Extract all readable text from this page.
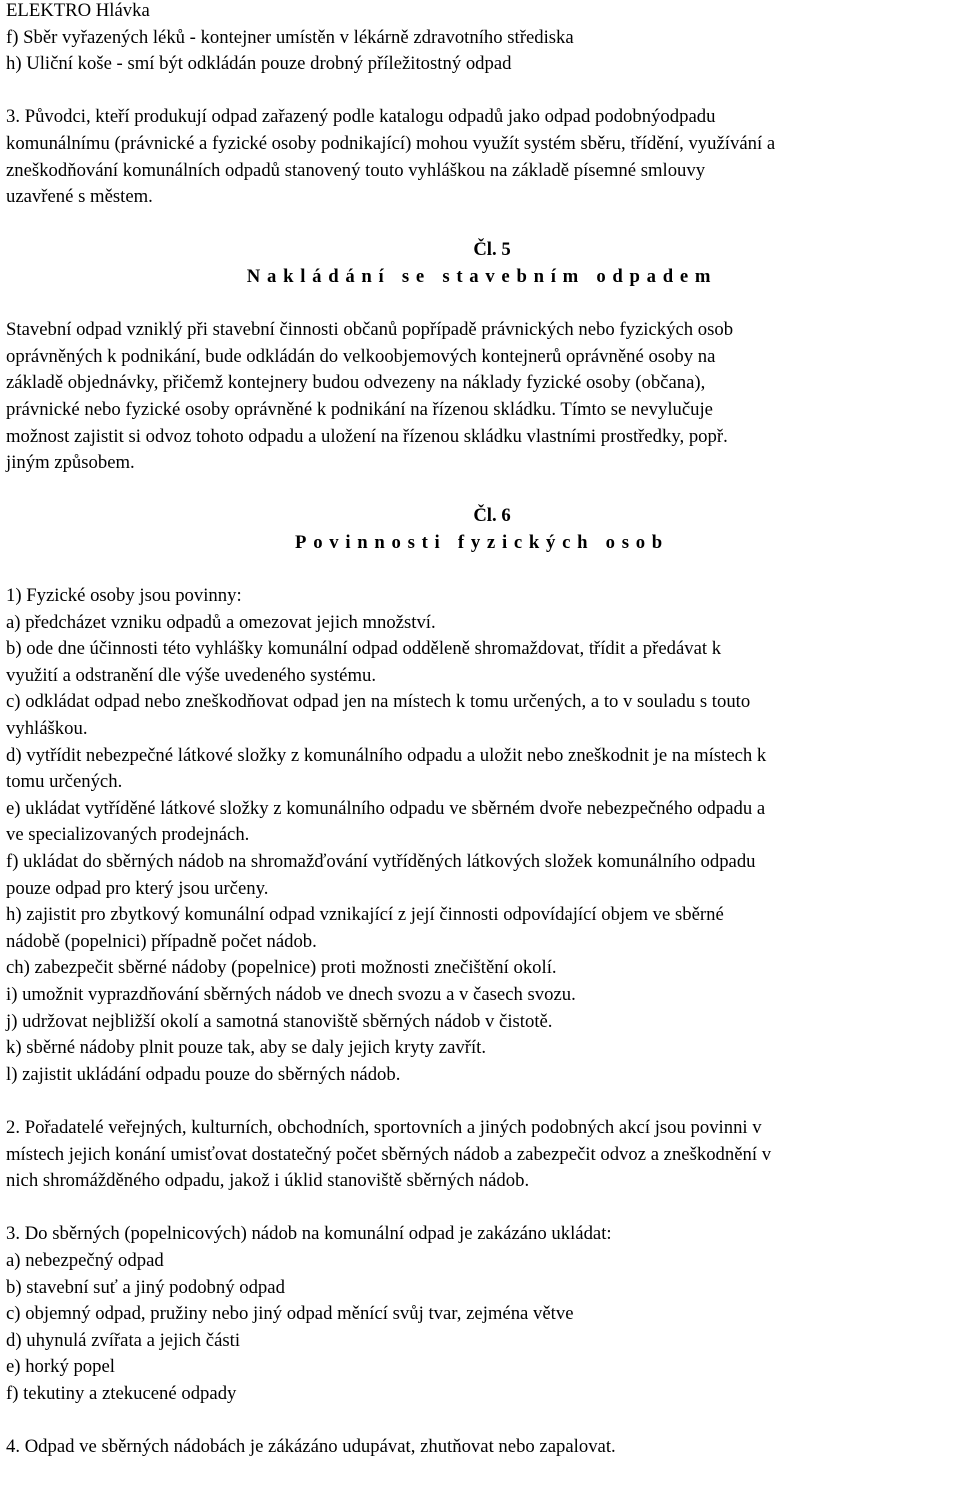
ELEKTRO Hlávka
f) Sběr vyřazených léků - kontejner umístěn v lékárně zdravotního střediska
h) Uliční koše - smí být odkládán pouze drobný příležitostný odpad
3. Původci, kteří produkují odpad zařazený podle katalogu odpadů jako odpad podobnýodpadu
komunálnímu (právnické a fyzické osoby podnikající) mohou využít systém sběru, třídění, využívání a
zneškodňování komunálních odpadů stanovený touto vyhláškou na základě písemné smlouvy
uzavřené s městem.
Čl. 5
Nakládání se stavebním odpadem
Stavební odpad vzniklý při stavební činnosti občanů popřípadě právnických nebo fyzických osob
oprávněných k podnikání, bude odkládán do velkoobjemových kontejnerů oprávněné osoby na
základě objednávky, přičemž kontejnery budou odvezeny na náklady fyzické osoby (občana),
právnické nebo fyzické osoby oprávněné k podnikání na řízenou skládku. Tímto se nevylučuje
možnost zajistit si odvoz tohoto odpadu a uložení na řízenou skládku vlastními prostředky, popř.
jiným způsobem.
Čl. 6
Povinnosti fyzických osob
1) Fyzické osoby jsou povinny:
a) předcházet vzniku odpadů a omezovat jejich množství.
b) ode dne účinnosti této vyhlášky komunální odpad odděleně shromaždovat, třídit a předávat k
využití a odstranění dle výše uvedeného systému.
c) odkládat odpad nebo zneškodňovat odpad jen na místech k tomu určených, a to v souladu s touto
vyhláškou.
d) vytřídit nebezpečné látkové složky z komunálního odpadu a uložit nebo zneškodnit je na místech k
tomu určených.
e) ukládat vytříděné látkové složky z komunálního odpadu ve sběrném dvoře nebezpečného odpadu a
ve specializovaných prodejnách.
f) ukládat do sběrných nádob na shromažďování vytříděných látkových složek komunálního odpadu
pouze odpad pro který jsou určeny.
h) zajistit pro zbytkový komunální odpad vznikající z její činnosti odpovídající objem ve sběrné
nádobě (popelnici) případně počet nádob.
ch) zabezpečit sběrné nádoby (popelnice) proti možnosti znečištění okolí.
i) umožnit vyprazdňování sběrných nádob ve dnech svozu a v časech svozu.
j) udržovat nejbližší okolí a samotná stanoviště sběrných nádob v čistotě.
k) sběrné nádoby plnit pouze tak, aby se daly jejich kryty zavřít.
l) zajistit ukládání odpadu pouze do sběrných nádob.
2. Pořadatelé veřejných, kulturních, obchodních, sportovních a jiných podobných akcí jsou povinni v
místech jejich konání umisťovat dostatečný počet sběrných nádob a zabezpečit odvoz a zneškodnění v
nich shromážděného odpadu, jakož i úklid stanoviště sběrných nádob.
3. Do sběrných (popelnicových) nádob na komunální odpad je zakázáno ukládat:
a) nebezpečný odpad
b) stavební suť a jiný podobný odpad
c) objemný odpad, pružiny nebo jiný odpad měnící svůj tvar, zejména větve
d) uhynulá zvířata a jejich části
e) horký popel
f) tekutiny a ztekucené odpady
4. Odpad ve sběrných nádobách je zákázáno udupávat, zhutňovat nebo zapalovat.
